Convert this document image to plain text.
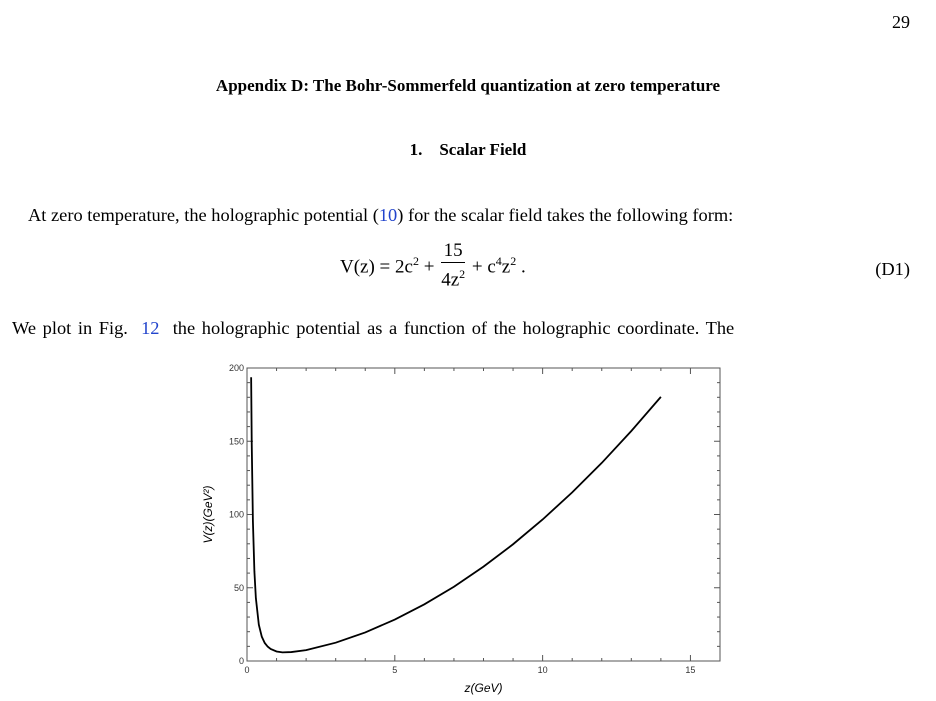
29
Appendix D: The Bohr-Sommerfeld quantization at zero temperature
1. Scalar Field
At zero temperature, the holographic potential (10) for the scalar field takes the following form:
$V(z) = 2c^2 + \frac{15}{4z^2} + c^4z^2$ .	(D1)
We plot in Fig. 12 the holographic potential as a function of the holographic coordinate. The
0	5	10	15
0
50
100
150
200
z(GeV)
V(z)(GeV²)
